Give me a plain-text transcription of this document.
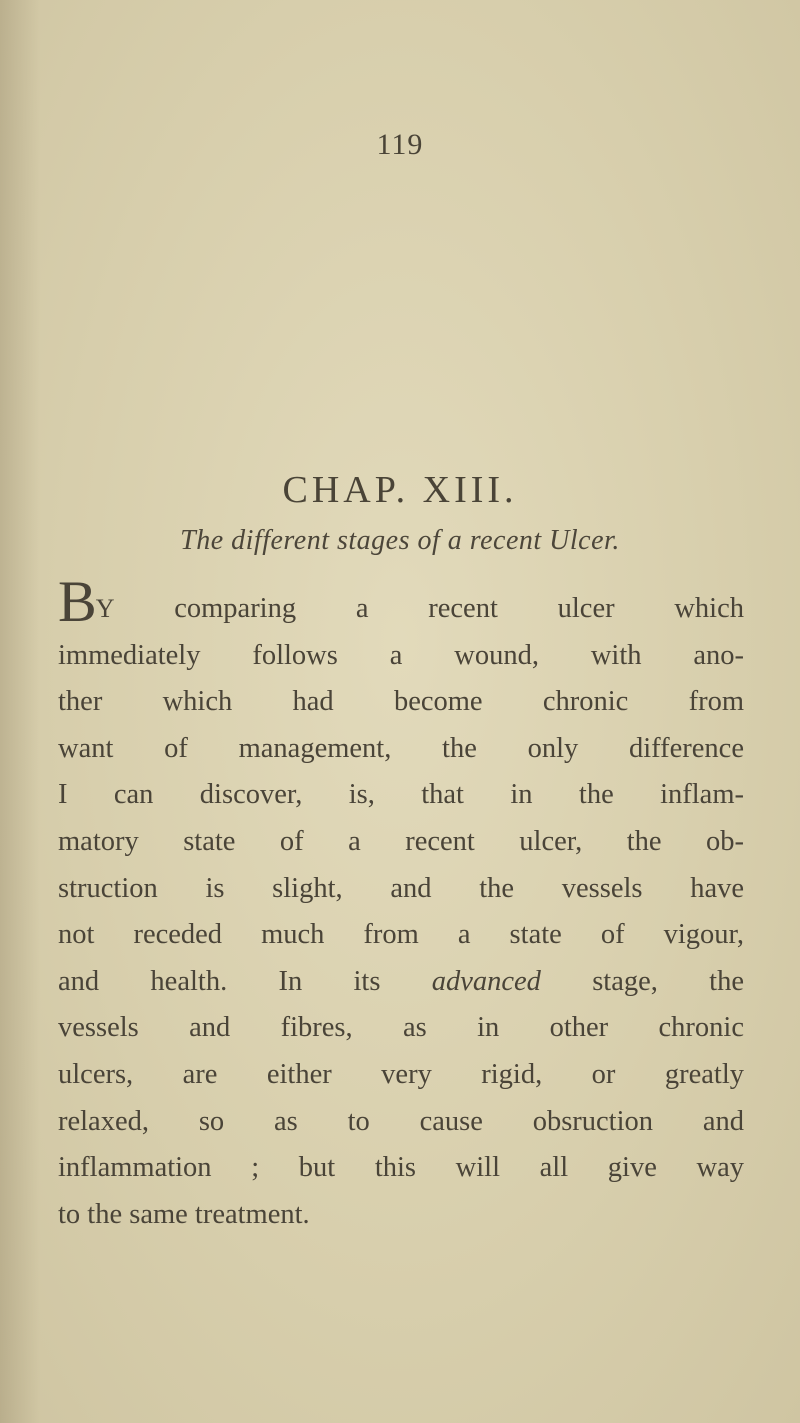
119
CHAP. XIII.
The different stages of a recent Ulcer.
BY comparing a recent ulcer which
immediately follows a wound, with ano-
ther which had become chronic from
want of management, the only difference
I can discover, is, that in the inflam-
matory state of a recent ulcer, the ob-
struction is slight, and the vessels have
not receded much from a state of vigour,
and health. In its advanced stage, the
vessels and fibres, as in other chronic
ulcers, are either very rigid, or greatly
relaxed, so as to cause obsruction and
inflammation ; but this will all give way
to the same treatment.
